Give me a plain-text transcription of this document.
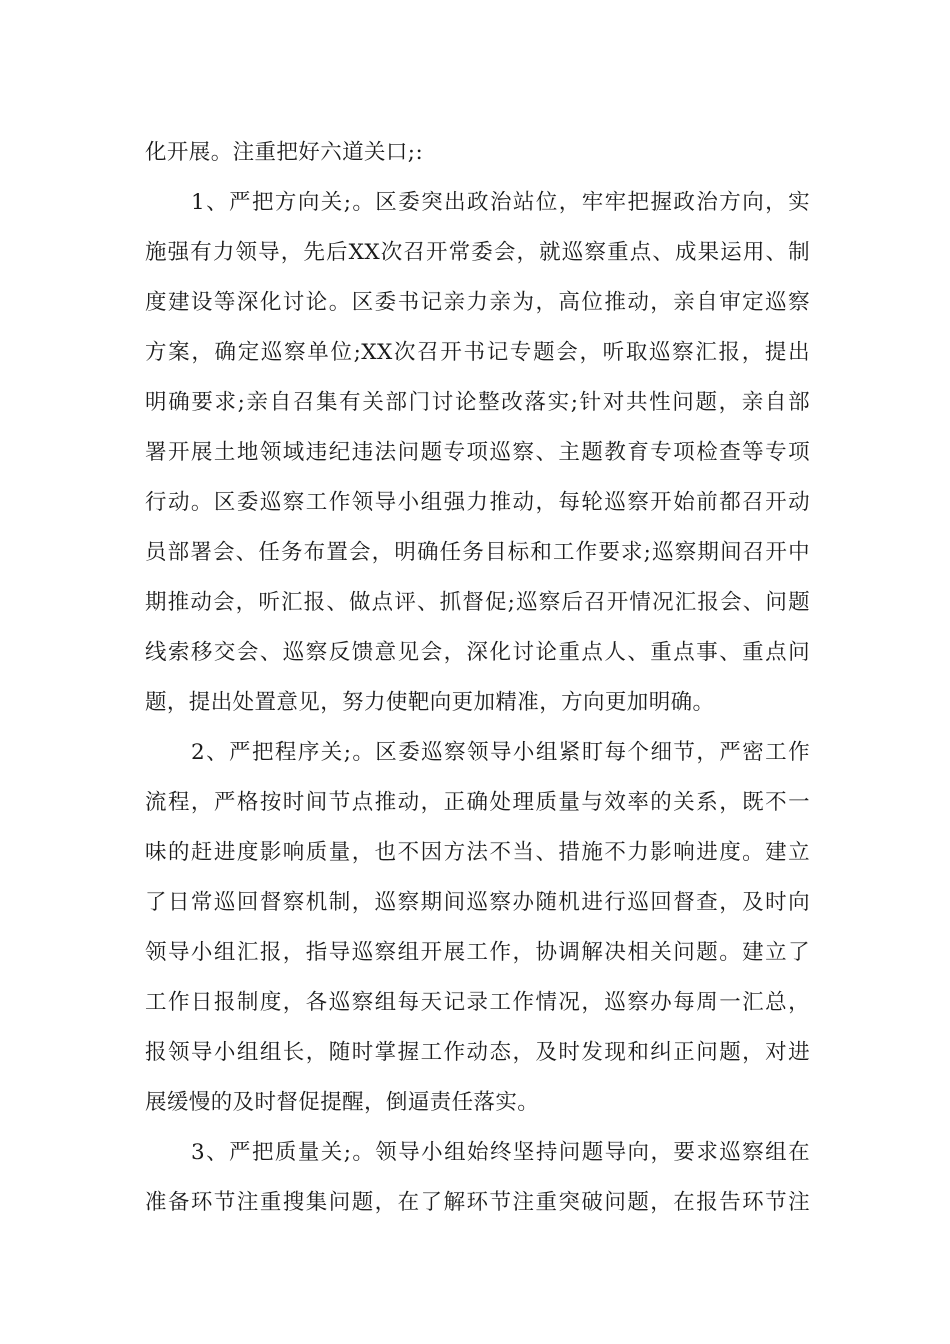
化开展。注重把好六道关口;:
1、严把方向关;。区委突出政治站位，牢牢把握政治方向，实
施强有力领导，先后XX次召开常委会，就巡察重点、成果运用、制
度建设等深化讨论。区委书记亲力亲为，高位推动，亲自审定巡察
方案，确定巡察单位;XX次召开书记专题会，听取巡察汇报，提出
明确要求;亲自召集有关部门讨论整改落实;针对共性问题，亲自部
署开展土地领域违纪违法问题专项巡察、主题教育专项检查等专项
行动。区委巡察工作领导小组强力推动，每轮巡察开始前都召开动
员部署会、任务布置会，明确任务目标和工作要求;巡察期间召开中
期推动会，听汇报、做点评、抓督促;巡察后召开情况汇报会、问题
线索移交会、巡察反馈意见会，深化讨论重点人、重点事、重点问
题，提出处置意见，努力使靶向更加精准，方向更加明确。
2、严把程序关;。区委巡察领导小组紧盯每个细节，严密工作
流程，严格按时间节点推动，正确处理质量与效率的关系，既不一
味的赶进度影响质量，也不因方法不当、措施不力影响进度。建立
了日常巡回督察机制，巡察期间巡察办随机进行巡回督查，及时向
领导小组汇报，指导巡察组开展工作，协调解决相关问题。建立了
工作日报制度，各巡察组每天记录工作情况，巡察办每周一汇总，
报领导小组组长，随时掌握工作动态，及时发现和纠正问题，对进
展缓慢的及时督促提醒，倒逼责任落实。
3、严把质量关;。领导小组始终坚持问题导向，要求巡察组在
准备环节注重搜集问题，在了解环节注重突破问题，在报告环节注
